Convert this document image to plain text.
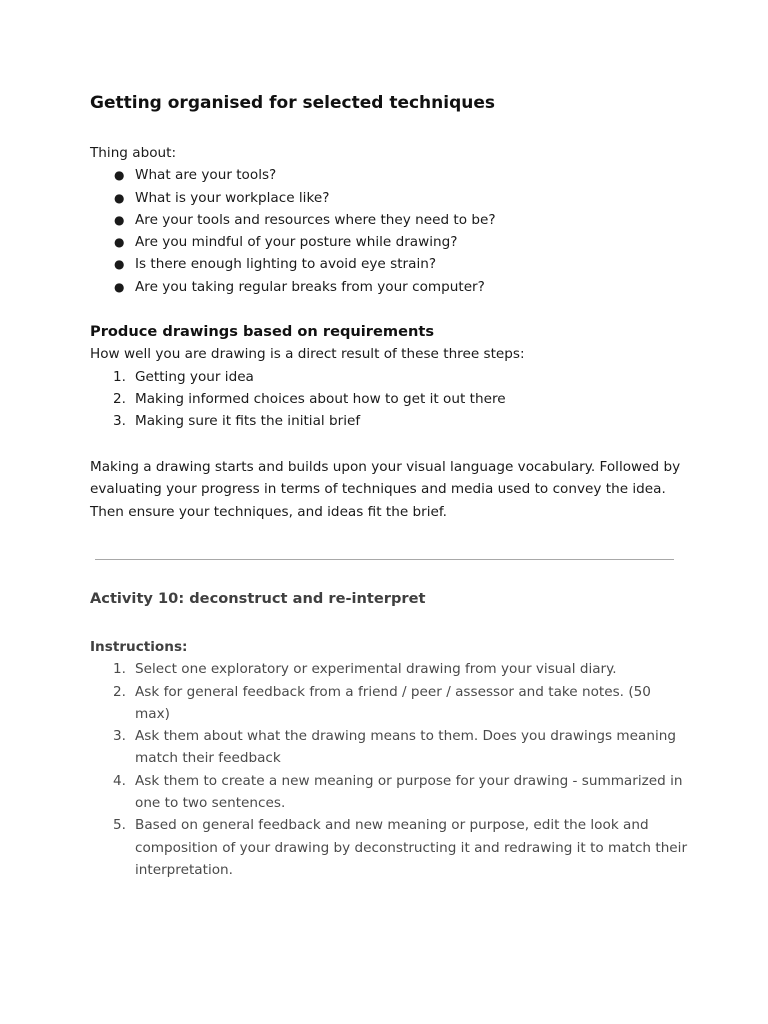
Getting organised for selected techniques
Thing about:
● What are your tools?
● What is your workplace like?
● Are your tools and resources where they need to be?
● Are you mindful of your posture while drawing?
● Is there enough lighting to avoid eye strain?
● Are you taking regular breaks from your computer?
Produce drawings based on requirements
How well you are drawing is a direct result of these three steps:
1. Getting your idea
2. Making informed choices about how to get it out there
3. Making sure it fits the initial brief
Making a drawing starts and builds upon your visual language vocabulary. Followed by evaluating your progress in terms of techniques and media used to convey the idea. Then ensure your techniques, and ideas fit the brief.
Activity 10: deconstruct and re-interpret
Instructions:
1. Select one exploratory or experimental drawing from your visual diary.
2. Ask for general feedback from a friend / peer / assessor and take notes. (50 max)
3. Ask them about what the drawing means to them. Does you drawings meaning match their feedback
4. Ask them to create a new meaning or purpose for your drawing - summarized in one to two sentences.
5. Based on general feedback and new meaning or purpose, edit the look and composition of your drawing by deconstructing it and redrawing it to match their interpretation.
